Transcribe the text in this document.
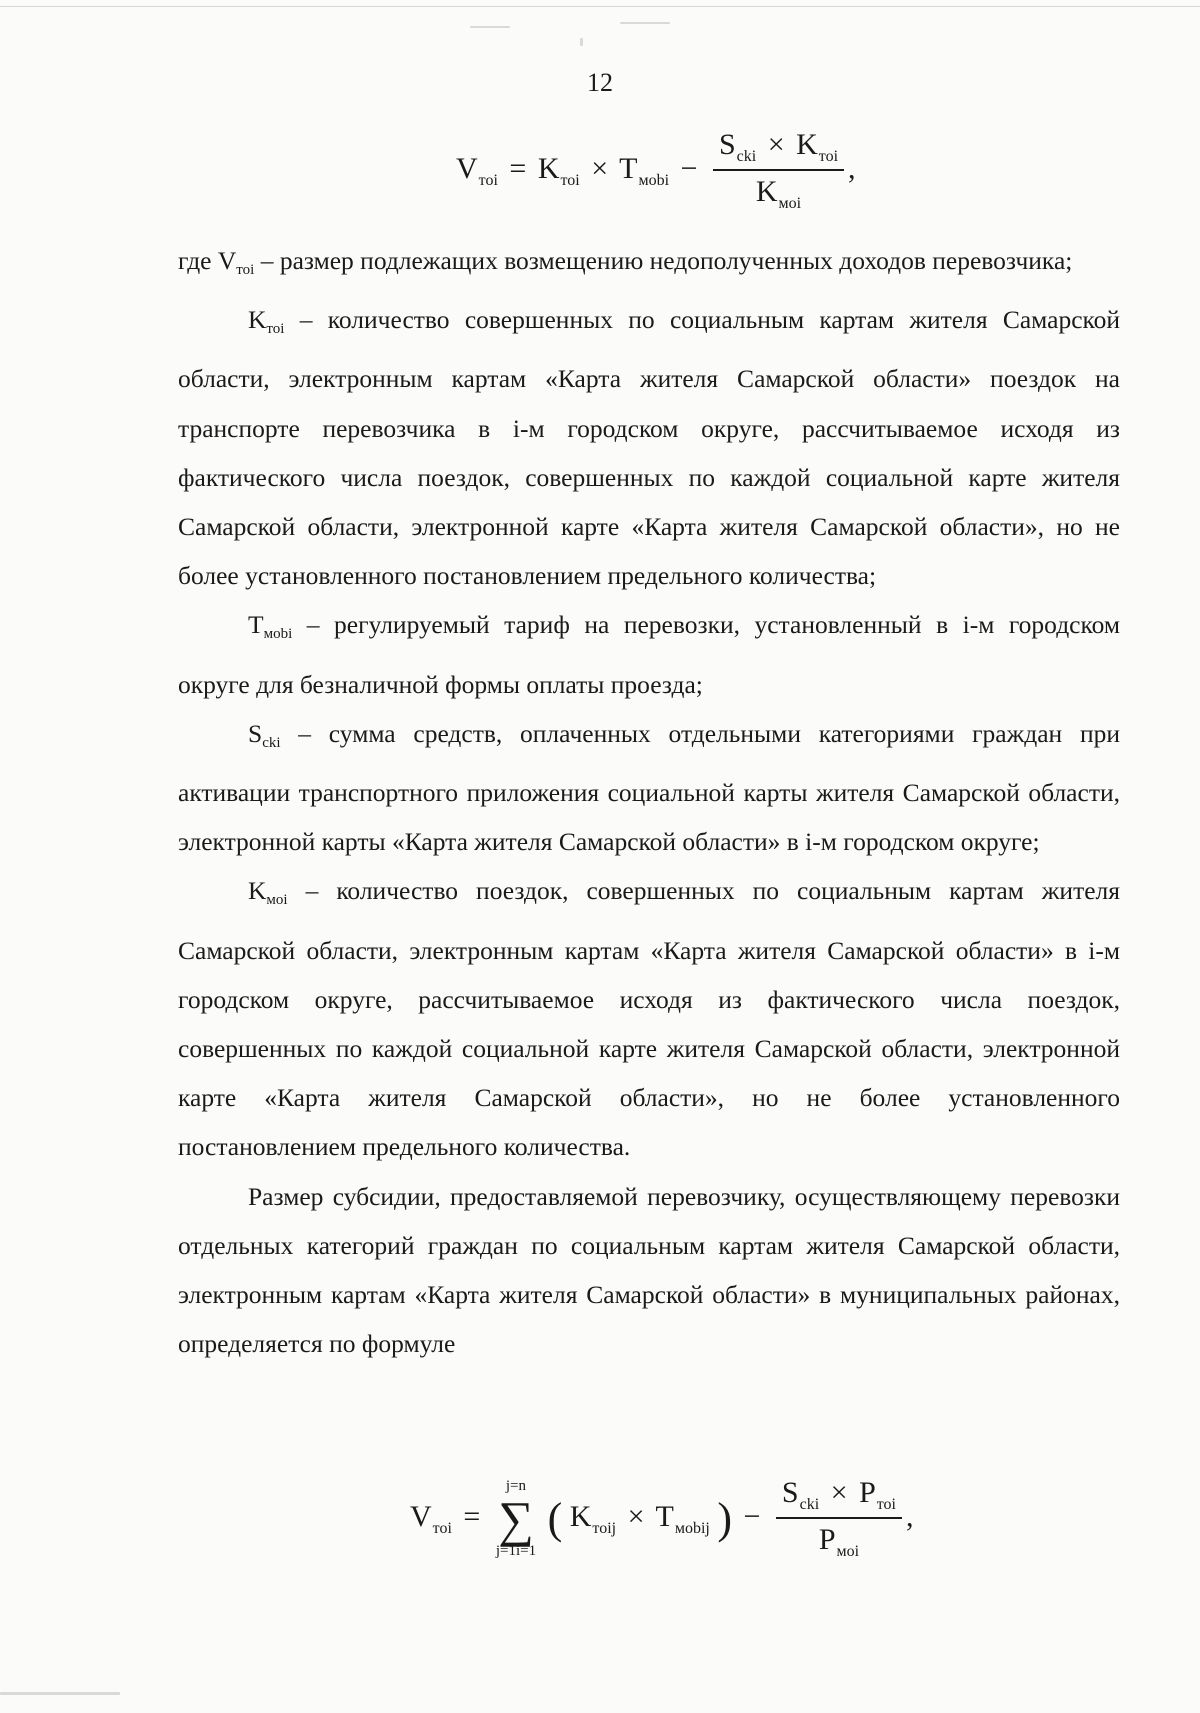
12
$V_{тоi} = K_{тоi} \times T_{мobi} - \frac{S_{cki} \times K_{тоi}}{K_{моi}}$ ,

где $V_{тоi}$ – размер подлежащих возмещению недополученных доходов перевозчика;

$K_{тоi}$ – количество совершенных по социальным картам жителя Самарской области, электронным картам «Карта жителя Самарской области» поездок на транспорте перевозчика в i-м городском округе, рассчитываемое исходя из фактического числа поездок, совершенных по каждой социальной карте жителя Самарской области, электронной карте «Карта жителя Самарской области», но не более установленного постановлением предельного количества;

$T_{мobi}$ – регулируемый тариф на перевозки, установленный в i-м городском округе для безналичной формы оплаты проезда;

$S_{cki}$ – сумма средств, оплаченных отдельными категориями граждан при активации транспортного приложения социальной карты жителя Самарской области, электронной карты «Карта жителя Самарской области» в i-м городском округе;

$K_{моi}$ – количество поездок, совершенных по социальным картам жителя Самарской области, электронным картам «Карта жителя Самарской области» в i-м городском округе, рассчитываемое исходя из фактического числа поездок, совершенных по каждой социальной карте жителя Самарской области, электронной карте «Карта жителя Самарской области», но не более установленного постановлением предельного количества.

Размер субсидии, предоставляемой перевозчику, осуществляющему перевозки отдельных категорий граждан по социальным картам жителя Самарской области, электронным картам «Карта жителя Самарской области» в муниципальных районах, определяется по формуле

$V_{тоi}$ =
j=n
∑
j=1i=1
( $K_{тоij} \times T_{мobij}$ ) − $\frac{S_{cki} \times P_{тоi}}{P_{моi}}$ ,
